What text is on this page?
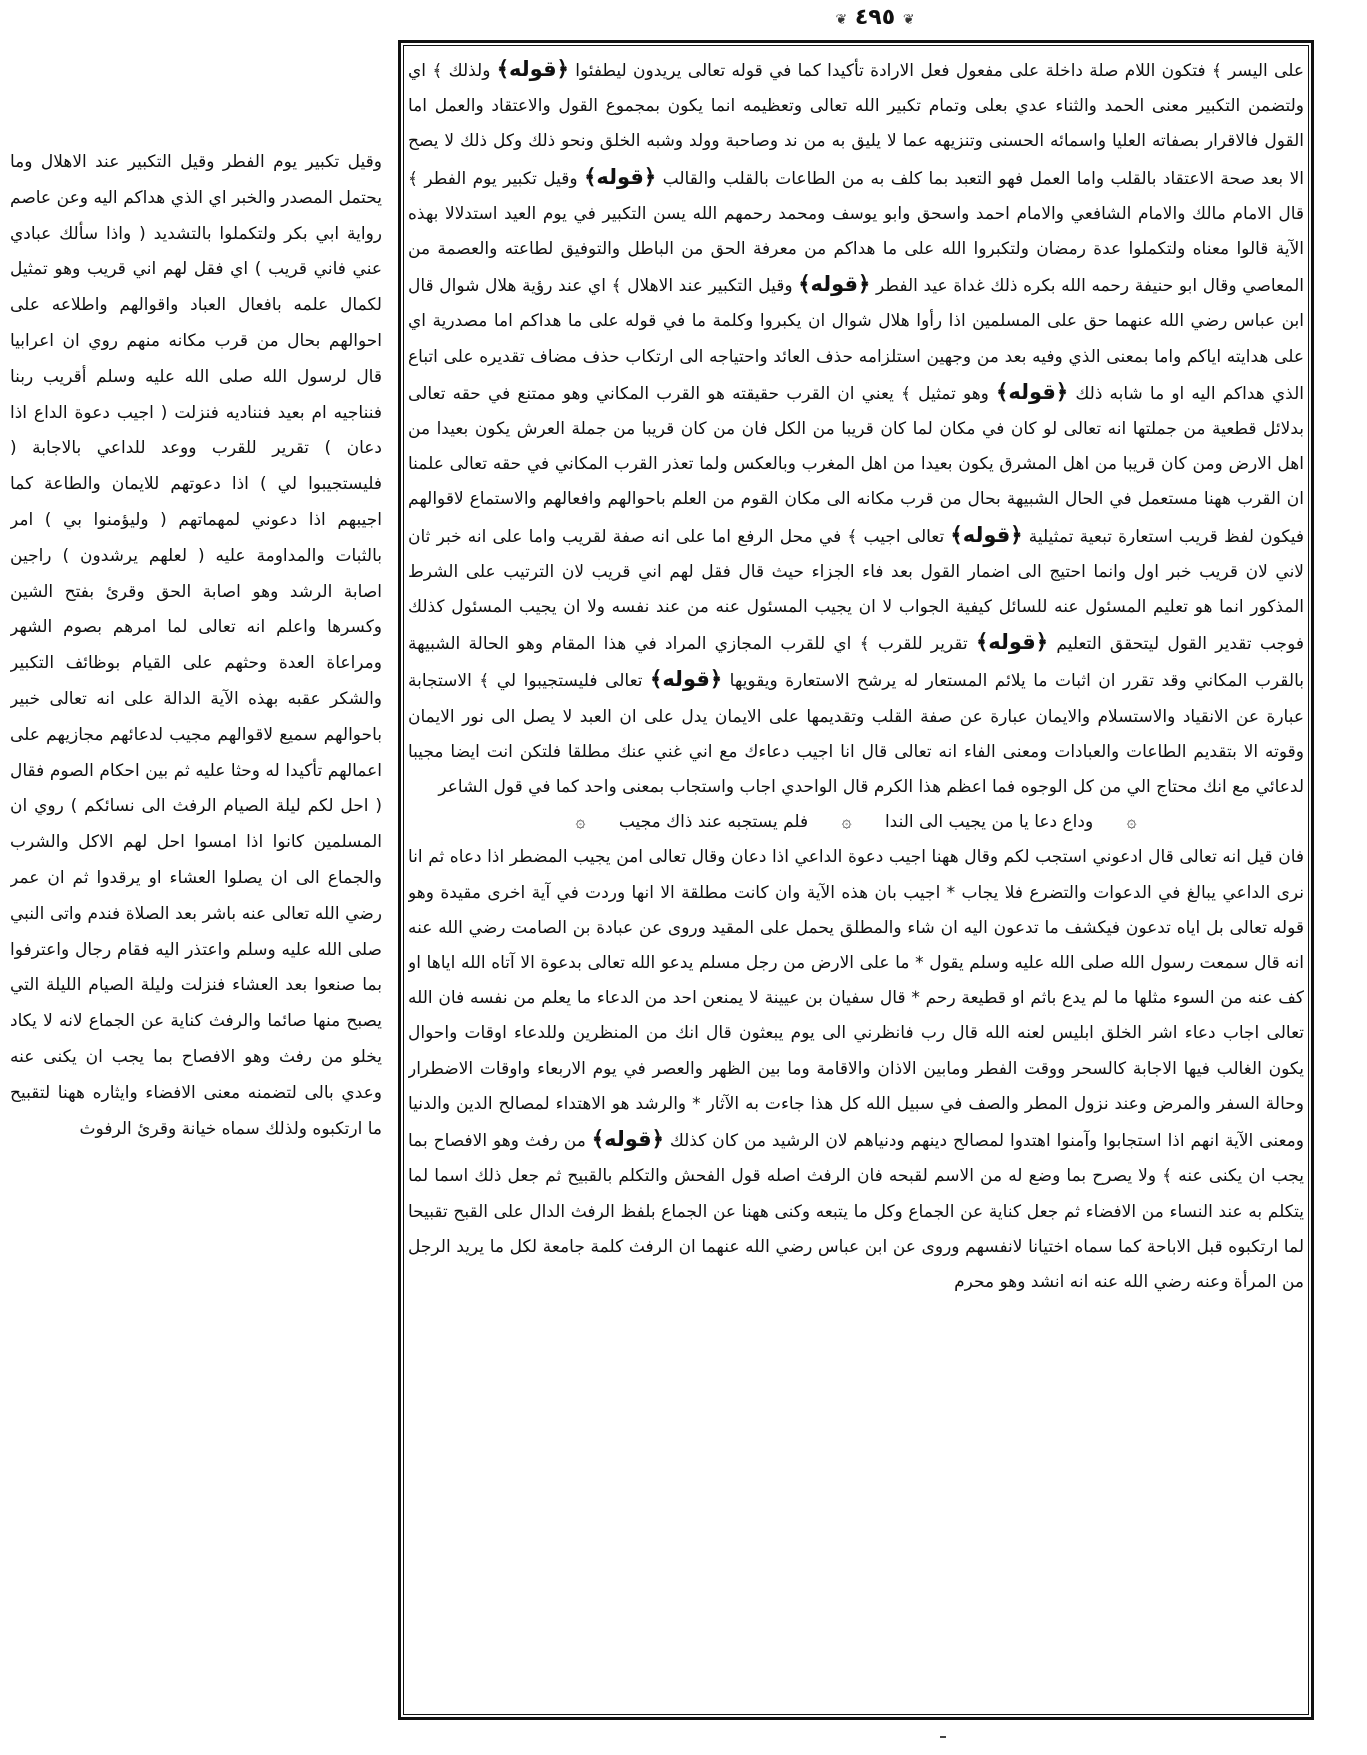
❦ ٤٩٥ ❦

على اليسر ﴾ فتكون اللام صلة داخلة على مفعول فعل الارادة تأكيدا كما في قوله تعالى يريدون ليطفئوا ﴿قوله﴾ ولذلك ﴾ اي ولتضمن التكبير معنى الحمد والثناء عدي بعلى وتمام تكبير الله تعالى وتعظيمه انما يكون بمجموع القول والاعتقاد والعمل اما القول فالاقرار بصفاته العليا واسمائه الحسنى وتنزيهه عما لا يليق به من ند وصاحبة وولد وشبه الخلق ونحو ذلك وكل ذلك لا يصح الا بعد صحة الاعتقاد بالقلب واما العمل فهو التعبد بما كلف به من الطاعات بالقلب والقالب ﴿قوله﴾ وقيل تكبير يوم الفطر ﴾ قال الامام مالك والامام الشافعي والامام احمد واسحق وابو يوسف ومحمد رحمهم الله يسن التكبير في يوم العيد استدلالا بهذه الآية قالوا معناه ولتكملوا عدة رمضان ولتكبروا الله على ما هداكم من معرفة الحق من الباطل والتوفيق لطاعته والعصمة من المعاصي وقال ابو حنيفة رحمه الله بكره ذلك غداة عيد الفطر ﴿قوله﴾ وقيل التكبير عند الاهلال ﴾ اي عند رؤية هلال شوال قال ابن عباس رضي الله عنهما حق على المسلمين اذا رأوا هلال شوال ان يكبروا وكلمة ما في قوله على ما هداكم اما مصدرية اي على هدايته اياكم واما بمعنى الذي وفيه بعد من وجهين استلزامه حذف العائد واحتياجه الى ارتكاب حذف مضاف تقديره على اتباع الذي هداكم اليه او ما شابه ذلك ﴿قوله﴾ وهو تمثيل ﴾ يعني ان القرب حقيقته هو القرب المكاني وهو ممتنع في حقه تعالى بدلائل قطعية من جملتها انه تعالى لو كان في مكان لما كان قريبا من الكل فان من كان قريبا من جملة العرش يكون بعيدا من اهل الارض ومن كان قريبا من اهل المشرق يكون بعيدا من اهل المغرب وبالعكس ولما تعذر القرب المكاني في حقه تعالى علمنا ان القرب ههنا مستعمل في الحال الشبيهة بحال من قرب مكانه الى مكان القوم من العلم باحوالهم وافعالهم والاستماع لاقوالهم فيكون لفظ قريب استعارة تبعية تمثيلية ﴿قوله﴾ تعالى اجيب ﴾ في محل الرفع اما على انه صفة لقريب واما على انه خبر ثان لاني لان قريب خبر اول وانما احتيج الى اضمار القول بعد فاء الجزاء حيث قال فقل لهم اني قريب لان الترتيب على الشرط المذكور انما هو تعليم المسئول عنه للسائل كيفية الجواب لا ان يجيب المسئول عنه من عند نفسه ولا ان يجيب المسئول كذلك فوجب تقدير القول ليتحقق التعليم ﴿قوله﴾ تقرير للقرب ﴾ اي للقرب المجازي المراد في هذا المقام وهو الحالة الشبيهة بالقرب المكاني وقد تقرر ان اثبات ما يلائم المستعار له يرشح الاستعارة ويقويها ﴿قوله﴾ تعالى فليستجيبوا لي ﴾ الاستجابة عبارة عن الانقياد والاستسلام والايمان عبارة عن صفة القلب وتقديمها على الايمان يدل على ان العبد لا يصل الى نور الايمان وقوته الا بتقديم الطاعات والعبادات ومعنى الفاء انه تعالى قال انا اجيب دعاءك مع اني غني عنك مطلقا فلتكن انت ايضا مجيبا لدعائي مع انك محتاج الي من كل الوجوه فما اعظم هذا الكرم قال الواحدي اجاب واستجاب بمعنى واحد كما في قول الشاعر

۞ وداع دعا يا من يجيب الى الندا ۞ فلم يستجبه عند ذاك مجيب ۞

فان قيل انه تعالى قال ادعوني استجب لكم وقال ههنا اجيب دعوة الداعي اذا دعان وقال تعالى امن يجيب المضطر اذا دعاه ثم انا نرى الداعي يبالغ في الدعوات والتضرع فلا يجاب * اجيب بان هذه الآية وان كانت مطلقة الا انها وردت في آية اخرى مقيدة وهو قوله تعالى بل اياه تدعون فيكشف ما تدعون اليه ان شاء والمطلق يحمل على المقيد وروى عن عبادة بن الصامت رضي الله عنه انه قال سمعت رسول الله صلى الله عليه وسلم يقول * ما على الارض من رجل مسلم يدعو الله تعالى بدعوة الا آتاه الله اياها او كف عنه من السوء مثلها ما لم يدع باثم او قطيعة رحم * قال سفيان بن عيينة لا يمنعن احد من الدعاء ما يعلم من نفسه فان الله تعالى اجاب دعاء اشر الخلق ابليس لعنه الله قال رب فانظرني الى يوم يبعثون قال انك من المنظرين وللدعاء اوقات واحوال يكون الغالب فيها الاجابة كالسحر ووقت الفطر ومابين الاذان والاقامة وما بين الظهر والعصر في يوم الاربعاء واوقات الاضطرار وحالة السفر والمرض وعند نزول المطر والصف في سبيل الله كل هذا جاءت به الآثار * والرشد هو الاهتداء لمصالح الدين والدنيا ومعنى الآية انهم اذا استجابوا وآمنوا اهتدوا لمصالح دينهم ودنياهم لان الرشيد من كان كذلك ﴿قوله﴾ من رفث وهو الافصاح بما يجب ان يكنى عنه ﴾ ولا يصرح بما وضع له من الاسم لقبحه فان الرفث اصله قول الفحش والتكلم بالقبيح ثم جعل ذلك اسما لما يتكلم به عند النساء من الافضاء ثم جعل كناية عن الجماع وكل ما يتبعه وكنى ههنا عن الجماع بلفظ الرفث الدال على القبح تقبيحا لما ارتكبوه قبل الاباحة كما سماه اختيانا لانفسهم وروى عن ابن عباس رضي الله عنهما ان الرفث كلمة جامعة لكل ما يريد الرجل من المرأة وعنه رضي الله عنه انه انشد وهو محرم

وقيل تكبير يوم الفطر وقيل التكبير عند الاهلال وما يحتمل المصدر والخبر اي الذي هداكم اليه وعن عاصم رواية ابي بكر ولتكملوا بالتشديد ( واذا سألك عبادي عني فاني قريب ) اي فقل لهم اني قريب وهو تمثيل لكمال علمه بافعال العباد واقوالهم واطلاعه على احوالهم بحال من قرب مكانه منهم روي ان اعرابيا قال لرسول الله صلى الله عليه وسلم أقريب ربنا فنناجيه ام بعيد فنناديه فنزلت ( اجيب دعوة الداع اذا دعان ) تقرير للقرب ووعد للداعي بالاجابة ( فليستجيبوا لي ) اذا دعوتهم للايمان والطاعة كما اجيبهم اذا دعوني لمهماتهم ( وليؤمنوا بي ) امر بالثبات والمداومة عليه ( لعلهم يرشدون ) راجين اصابة الرشد وهو اصابة الحق وقرئ بفتح الشين وكسرها واعلم انه تعالى لما امرهم بصوم الشهر ومراعاة العدة وحثهم على القيام بوظائف التكبير والشكر عقبه بهذه الآية الدالة على انه تعالى خبير باحوالهم سميع لاقوالهم مجيب لدعائهم مجازيهم على اعمالهم تأكيدا له وحثا عليه ثم بين احكام الصوم فقال ( احل لكم ليلة الصيام الرفث الى نسائكم ) روي ان المسلمين كانوا اذا امسوا احل لهم الاكل والشرب والجماع الى ان يصلوا العشاء او يرقدوا ثم ان عمر رضي الله تعالى عنه باشر بعد الصلاة فندم واتى النبي صلى الله عليه وسلم واعتذر اليه فقام رجال واعترفوا بما صنعوا بعد العشاء فنزلت وليلة الصيام الليلة التي يصبح منها صائما والرفث كناية عن الجماع لانه لا يكاد يخلو من رفث وهو الافصاح بما يجب ان يكنى عنه وعدي بالى لتضمنه معنى الافضاء وايثاره ههنا لتقبيح ما ارتكبوه ولذلك سماه خيانة وقرئ الرفوث
